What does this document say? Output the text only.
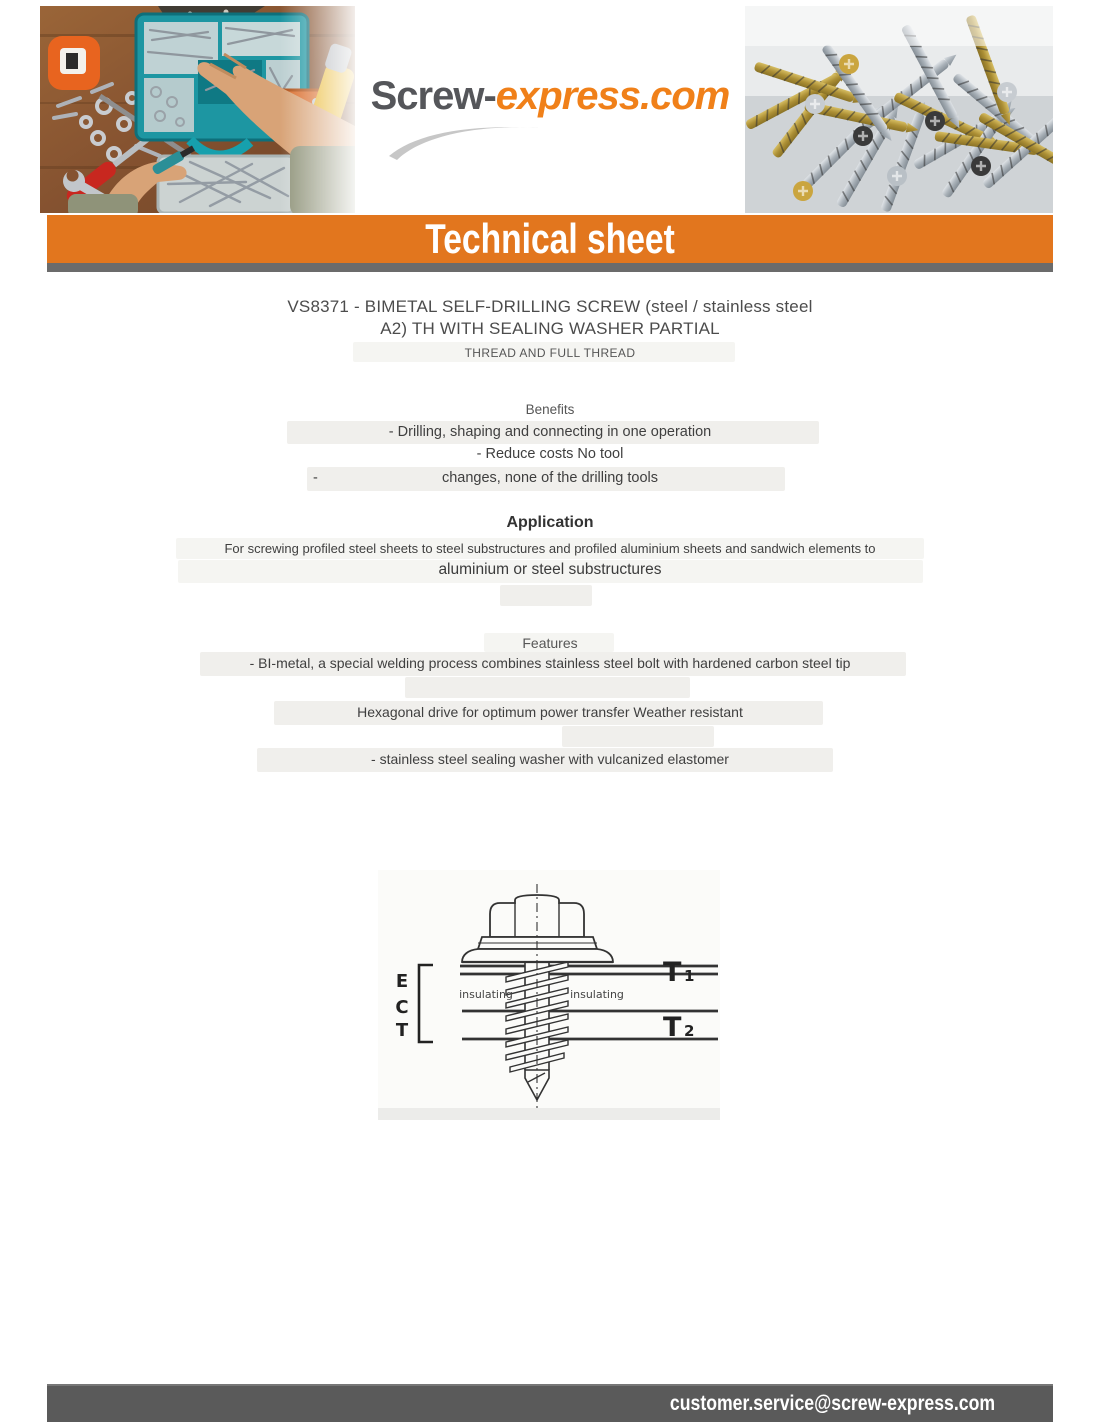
Screw-express.com
Technical sheet
VS8371 - BIMETAL SELF-DRILLING SCREW (steel / stainless steel
A2) TH WITH SEALING WASHER PARTIAL
THREAD AND FULL THREAD
Benefits
- Drilling, shaping and connecting in one operation
- Reduce costs No tool
-	changes, none of the drilling tools
Application
For screwing profiled steel sheets to steel substructures and profiled aluminium sheets and sandwich elements to
aluminium or steel substructures
Features
- BI-metal, a special welding process combines stainless steel bolt with hardened carbon steel tip
Hexagonal drive for optimum power transfer Weather resistant
- stainless steel sealing washer with vulcanized elastomer
E
C
T
T 1
T 2
insulating	insulating
customer.service@screw-express.com
